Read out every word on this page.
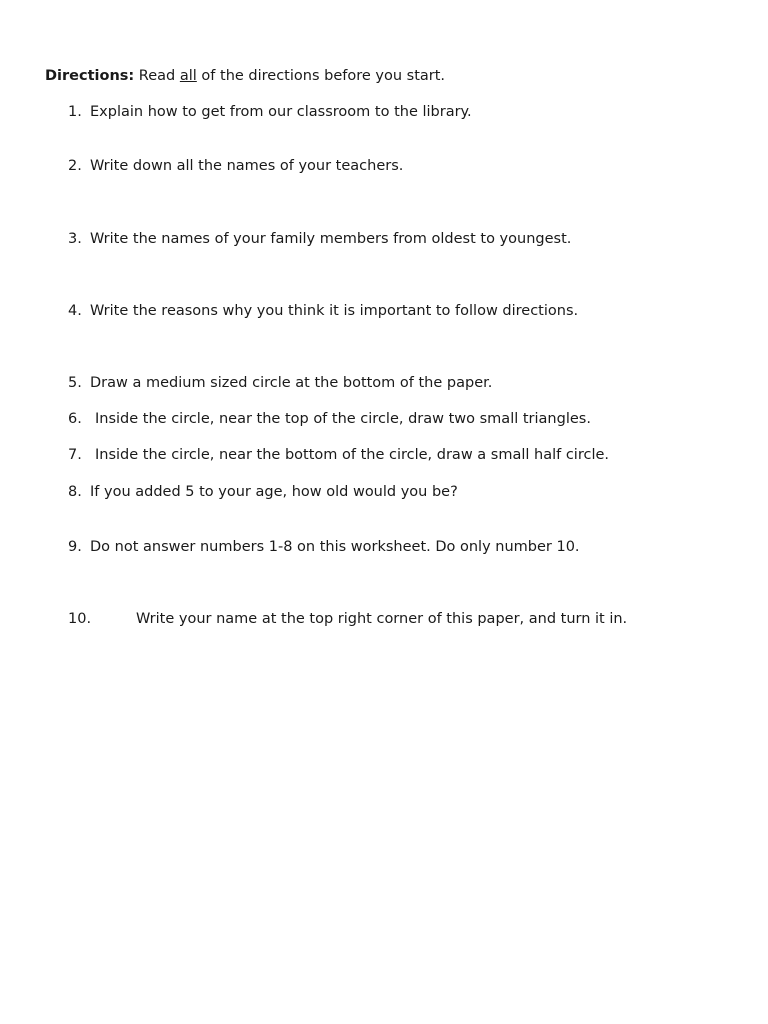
Directions: Read all of the directions before you start.
1. Explain how to get from our classroom to the library.
2. Write down all the names of your teachers.
3. Write the names of your family members from oldest to youngest.
4. Write the reasons why you think it is important to follow directions.
5. Draw a medium sized circle at the bottom of the paper.
6. Inside the circle, near the top of the circle, draw two small triangles.
7. Inside the circle, near the bottom of the circle, draw a small half circle.
8. If you added 5 to your age, how old would you be?
9. Do not answer numbers 1-8 on this worksheet. Do only number 10.
10.	Write your name at the top right corner of this paper, and turn it in.
